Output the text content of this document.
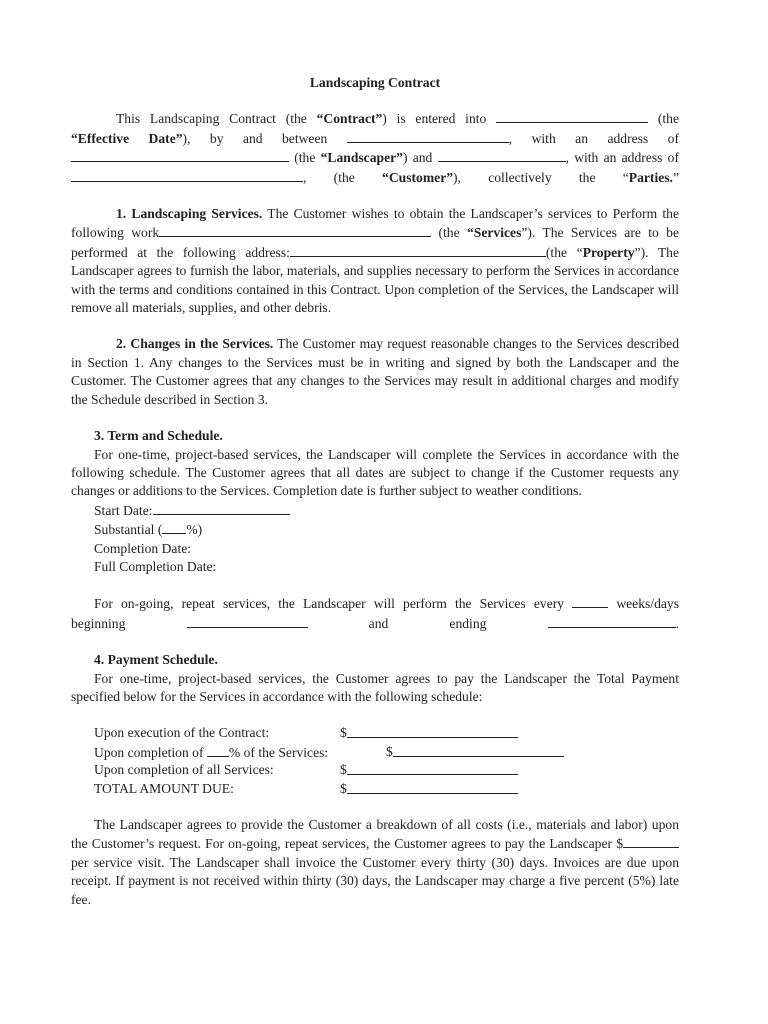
Landscaping Contract

This Landscaping Contract (the “Contract”) is entered into	(the “Effective Date”), by and between	, with an address of  (the “Landscaper”) and	, with an address of , (the “Customer”), collectively the “Parties.”

1. Landscaping Services. The Customer wishes to obtain the Landscaper’s services to Perform the following work	(the “Services”). The Services are to be performed at the following address:	(the “Property”). The Landscaper agrees to furnish the labor, materials, and supplies necessary to perform the Services in accordance with the terms and conditions contained in this Contract. Upon completion of the Services, the Landscaper will remove all materials, supplies, and other debris.

2. Changes in the Services. The Customer may request reasonable changes to the Services described in Section 1. Any changes to the Services must be in writing and signed by both the Landscaper and the Customer. The Customer agrees that any changes to the Services may result in additional charges and modify the Schedule described in Section 3.

3. Term and Schedule.

For one-time, project-based services, the Landscaper will complete the Services in accordance with the following schedule. The Customer agrees that all dates are subject to change if the Customer requests any changes or additions to the Services. Completion date is further subject to weather conditions.

Start Date:
Substantial ( %)
Completion Date:
Full Completion Date:

For on-going, repeat services, the Landscaper will perform the Services every	weeks/days beginning	and ending	.

4. Payment Schedule.

For one-time, project-based services, the Customer agrees to pay the Landscaper the Total Payment specified below for the Services in accordance with the following schedule:

Upon execution of the Contract:	$
Upon completion of % of the Services:	$
Upon completion of all Services:	$
TOTAL AMOUNT DUE:	$

The Landscaper agrees to provide the Customer a breakdown of all costs (i.e., materials and labor) upon the Customer’s request. For on-going, repeat services, the Customer agrees to pay the Landscaper $ per service visit. The Landscaper shall invoice the Customer every thirty (30) days. Invoices are due upon receipt. If payment is not received within thirty (30) days, the Landscaper may charge a five percent (5%) late fee.
